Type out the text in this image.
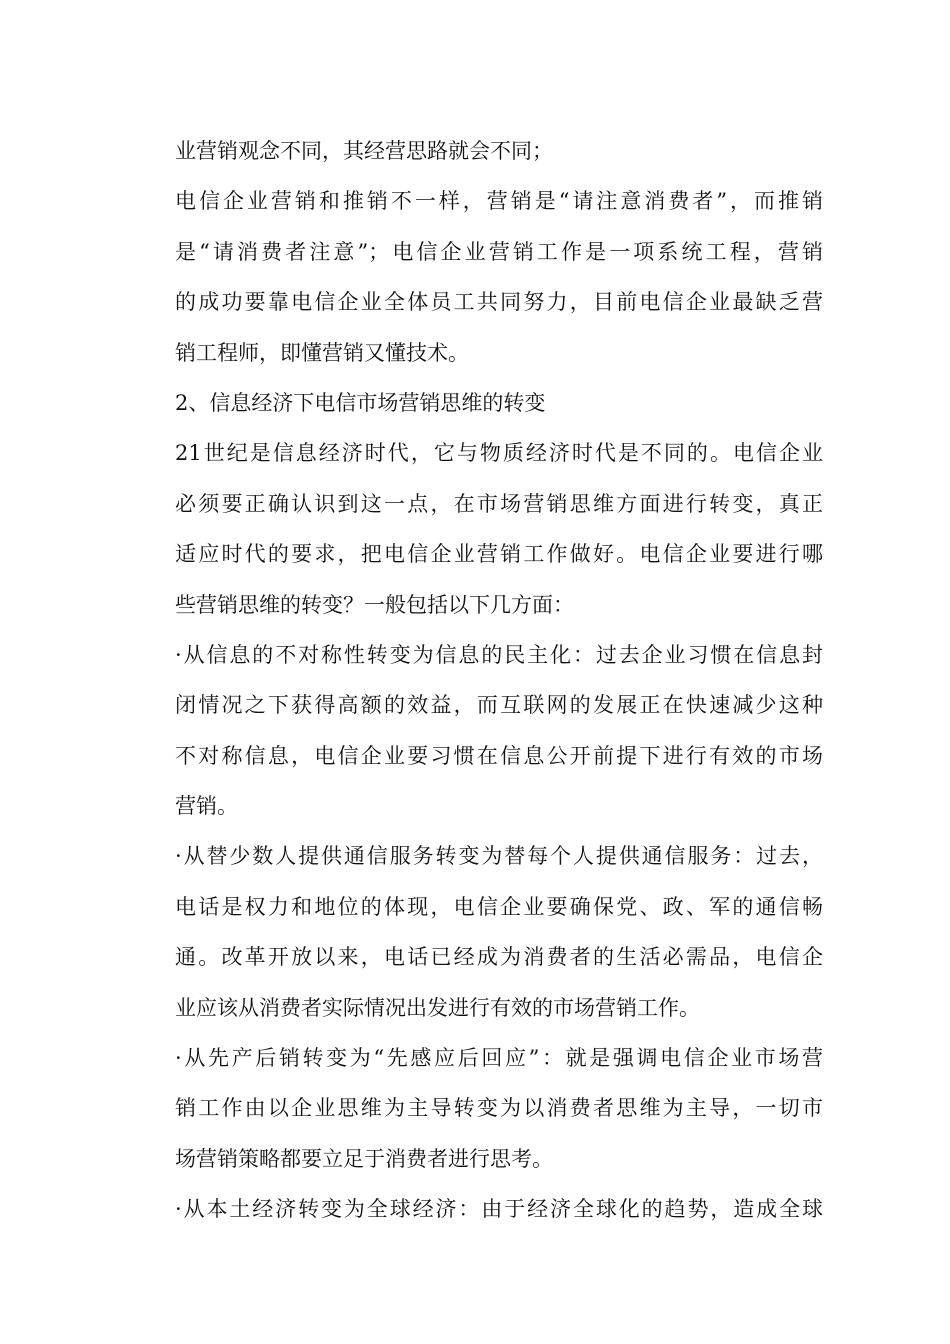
业营销观念不同，其经营思路就会不同；
电信企业营销和推销不一样，营销是“请注意消费者”，而推销
是“请消费者注意”；电信企业营销工作是一项系统工程，营销
的成功要靠电信企业全体员工共同努力，目前电信企业最缺乏营
销工程师，即懂营销又懂技术。
2、信息经济下电信市场营销思维的转变
21世纪是信息经济时代，它与物质经济时代是不同的。电信企业
必须要正确认识到这一点，在市场营销思维方面进行转变，真正
适应时代的要求，把电信企业营销工作做好。电信企业要进行哪
些营销思维的转变？一般包括以下几方面：
·从信息的不对称性转变为信息的民主化：过去企业习惯在信息封
闭情况之下获得高额的效益，而互联网的发展正在快速减少这种
不对称信息，电信企业要习惯在信息公开前提下进行有效的市场
营销。
·从替少数人提供通信服务转变为替每个人提供通信服务：过去，
电话是权力和地位的体现，电信企业要确保党、政、军的通信畅
通。改革开放以来，电话已经成为消费者的生活必需品，电信企
业应该从消费者实际情况出发进行有效的市场营销工作。
·从先产后销转变为“先感应后回应”：就是强调电信企业市场营
销工作由以企业思维为主导转变为以消费者思维为主导，一切市
场营销策略都要立足于消费者进行思考。
·从本土经济转变为全球经济：由于经济全球化的趋势，造成全球
